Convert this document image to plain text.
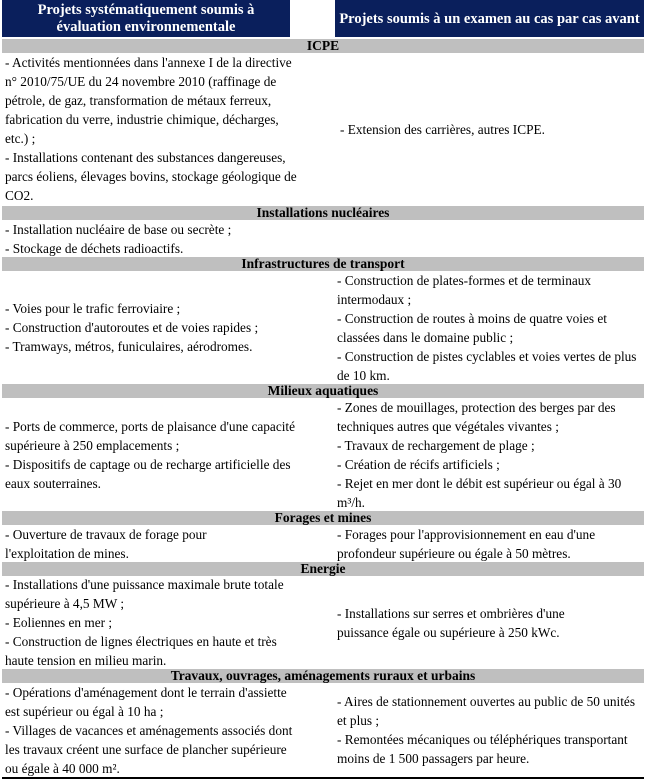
Projets systématiquement soumis à évaluation environnementale	Projets soumis à un examen au cas par cas avant
ICPE
- Activités mentionnées dans l'annexe I de la directive n° 2010/75/UE du 24 novembre 2010 (raffinage de pétrole, de gaz, transformation de métaux ferreux, fabrication du verre, industrie chimique, décharges, etc.) ;
- Installations contenant des substances dangereuses, parcs éoliens, élevages bovins, stockage géologique de CO2.
- Extension des carrières, autres ICPE.
Installations nucléaires
- Installation nucléaire de base ou secrète ;
- Stockage de déchets radioactifs.
Infrastructures de transport
- Voies pour le trafic ferroviaire ;
- Construction d'autoroutes et de voies rapides ;
- Tramways, métros, funiculaires, aérodromes.
- Construction de plates-formes et de terminaux intermodaux ;
- Construction de routes à moins de quatre voies et classées dans le domaine public ;
- Construction de pistes cyclables et voies vertes de plus de 10 km.
Milieux aquatiques
- Ports de commerce, ports de plaisance d'une capacité supérieure à 250 emplacements ;
- Dispositifs de captage ou de recharge artificielle des eaux souterraines.
- Zones de mouillages, protection des berges par des techniques autres que végétales vivantes ;
- Travaux de rechargement de plage ;
- Création de récifs artificiels ;
- Rejet en mer dont le débit est supérieur ou égal à 30 m³/h.
Forages et mines
- Ouverture de travaux de forage pour l'exploitation de mines.
- Forages pour l'approvisionnement en eau d'une profondeur supérieure ou égale à 50 mètres.
Energie
- Installations d'une puissance maximale brute totale supérieure à 4,5 MW ;
- Eoliennes en mer ;
- Construction de lignes électriques en haute et très haute tension en milieu marin.
- Installations sur serres et ombrières d'une puissance égale ou supérieure à 250 kWc.
Travaux, ouvrages, aménagements ruraux et urbains
- Opérations d'aménagement dont le terrain d'assiette est supérieur ou égal à 10 ha ;
- Villages de vacances et aménagements associés dont les travaux créent une surface de plancher supérieure ou égale à 40 000 m².
- Aires de stationnement ouvertes au public de 50 unités et plus ;
- Remontées mécaniques ou téléphériques transportant moins de 1 500 passagers par heure.
